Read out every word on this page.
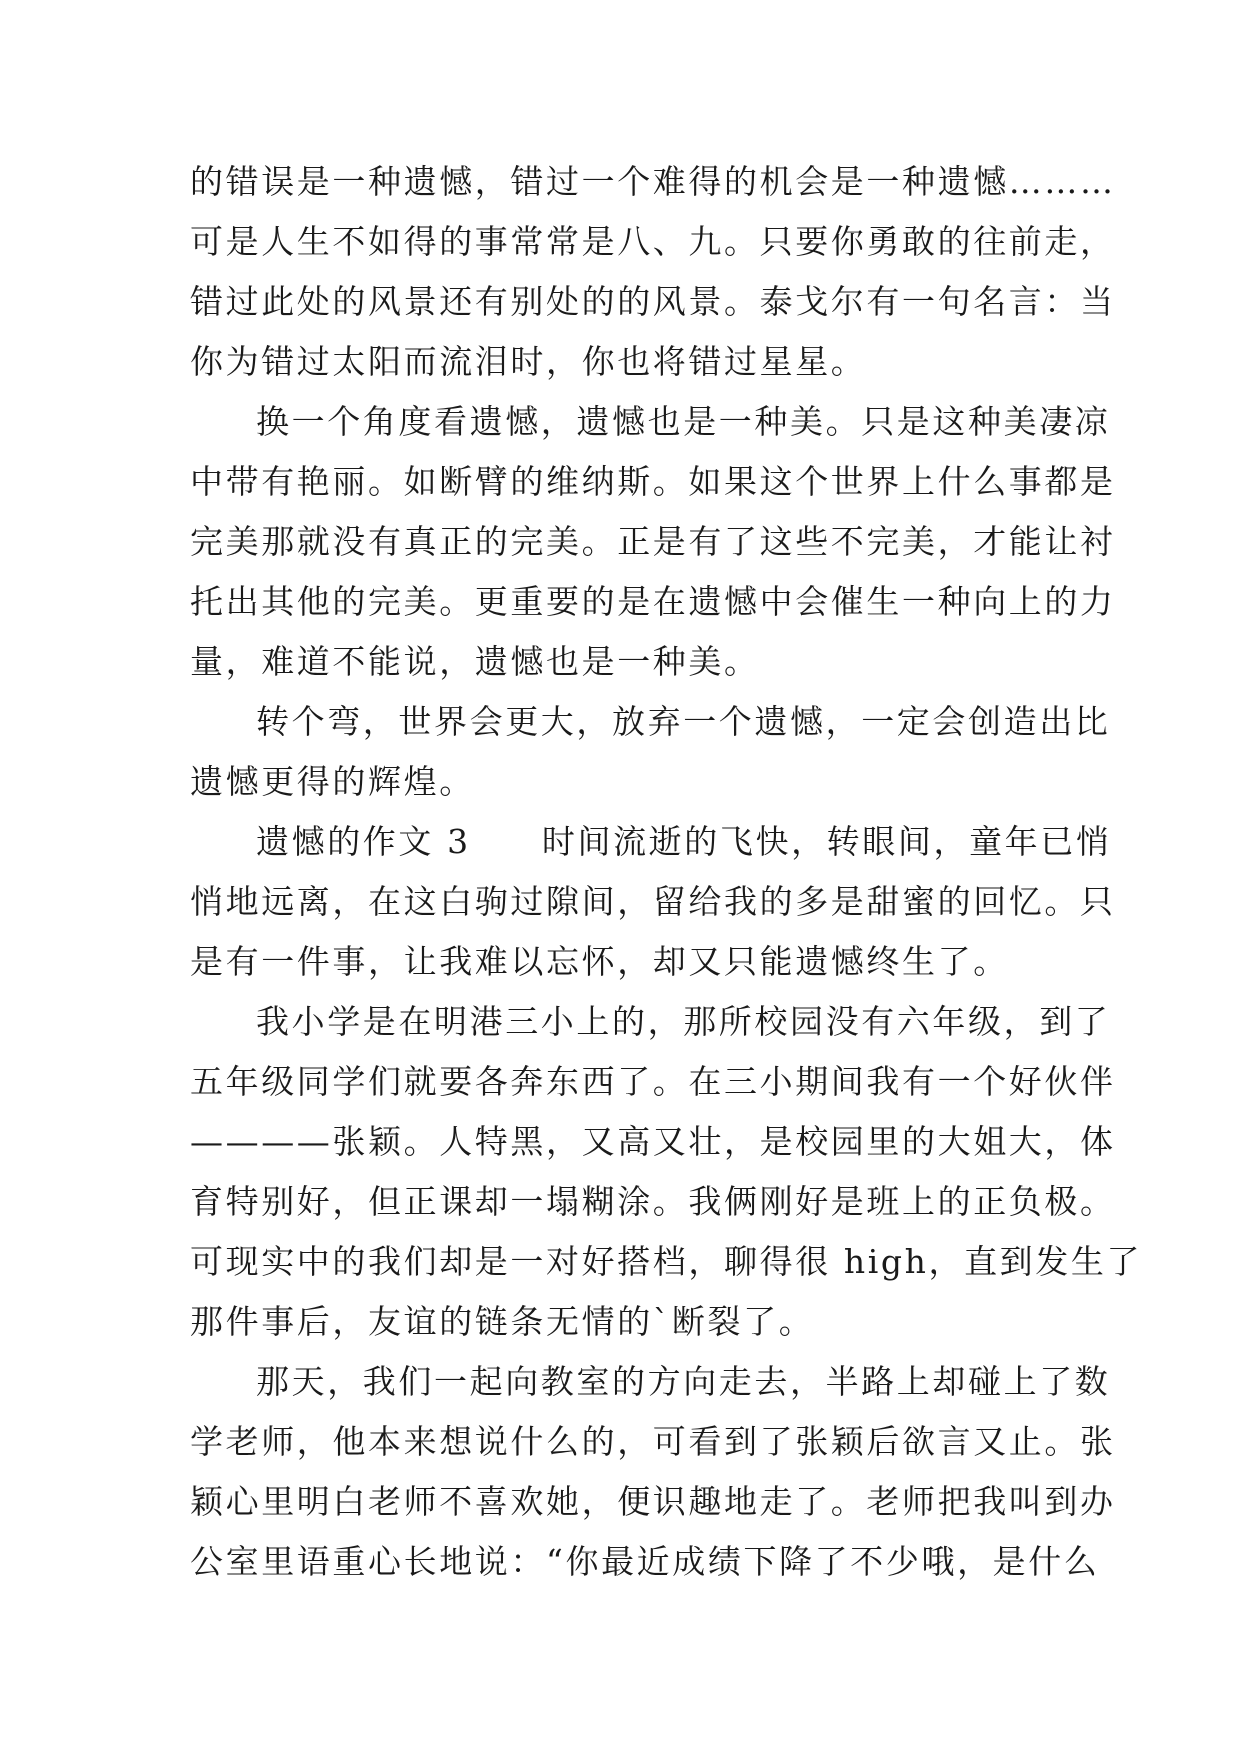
的错误是一种遗憾，错过一个难得的机会是一种遗憾………
可是人生不如得的事常常是八、九。只要你勇敢的往前走，
错过此处的风景还有别处的的风景。泰戈尔有一句名言：当
你为错过太阳而流泪时，你也将错过星星。
换一个角度看遗憾，遗憾也是一种美。只是这种美凄凉
中带有艳丽。如断臂的维纳斯。如果这个世界上什么事都是
完美那就没有真正的完美。正是有了这些不完美，才能让衬
托出其他的完美。更重要的是在遗憾中会催生一种向上的力
量，难道不能说，遗憾也是一种美。
转个弯，世界会更大，放弃一个遗憾，一定会创造出比
遗憾更得的辉煌。
遗憾的作文 3　　时间流逝的飞快，转眼间，童年已悄
悄地远离，在这白驹过隙间，留给我的多是甜蜜的回忆。只
是有一件事，让我难以忘怀，却又只能遗憾终生了。
我小学是在明港三小上的，那所校园没有六年级，到了
五年级同学们就要各奔东西了。在三小期间我有一个好伙伴
————张颖。人特黑，又高又壮，是校园里的大姐大，体
育特别好，但正课却一塌糊涂。我俩刚好是班上的正负极。
可现实中的我们却是一对好搭档，聊得很 high，直到发生了
那件事后，友谊的链条无情的`断裂了。
那天，我们一起向教室的方向走去，半路上却碰上了数
学老师，他本来想说什么的，可看到了张颖后欲言又止。张
颖心里明白老师不喜欢她，便识趣地走了。老师把我叫到办
公室里语重心长地说：“你最近成绩下降了不少哦，是什么
